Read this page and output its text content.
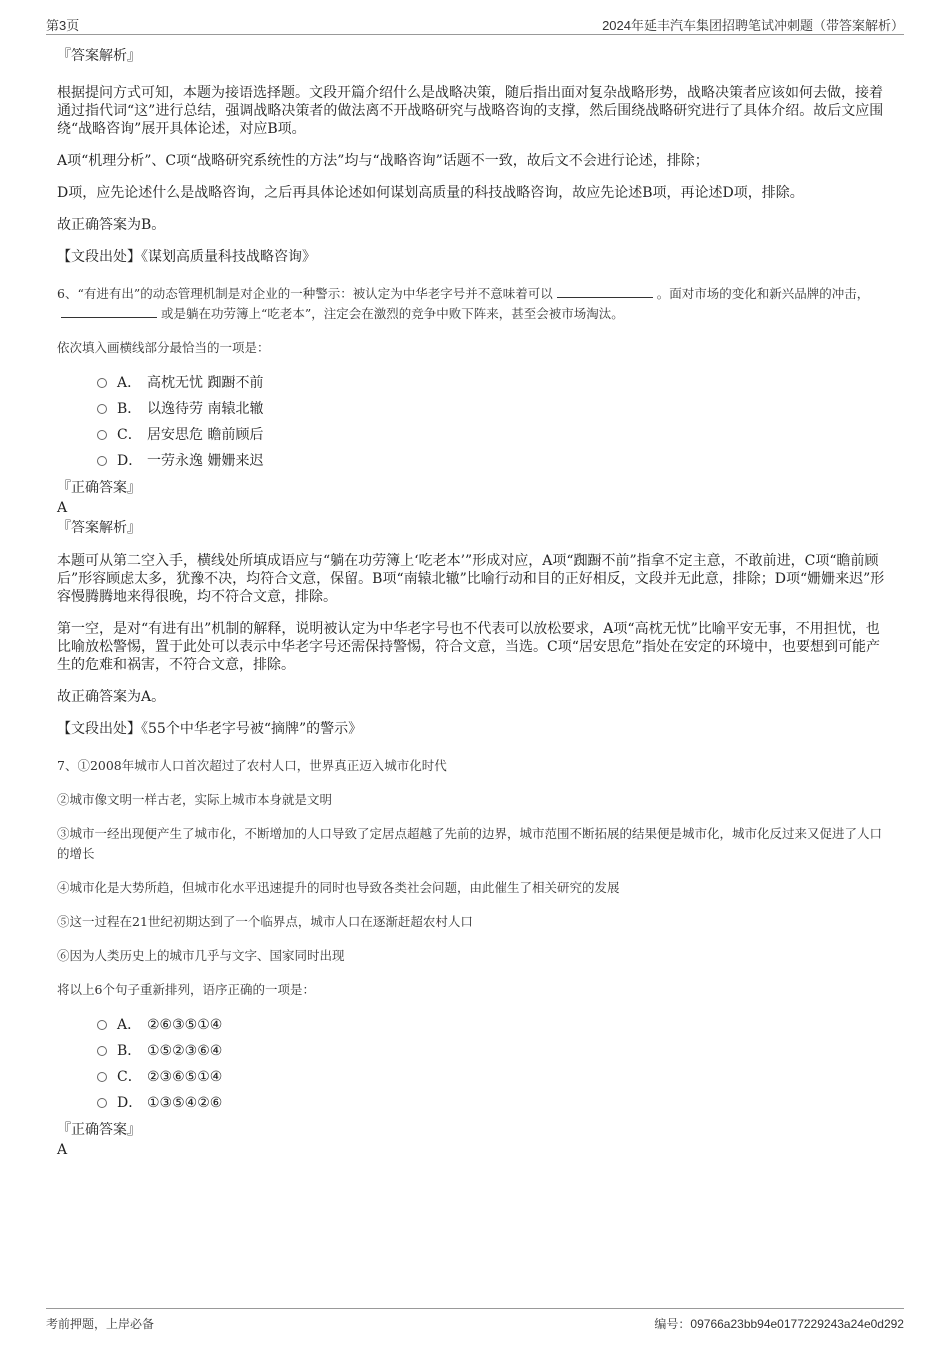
第3页	2024年延丰汽车集团招聘笔试冲刺题（带答案解析）

『答案解析』

根据提问方式可知，本题为接语选择题。文段开篇介绍什么是战略决策，随后指出面对复杂战略形势，战略决策者应该如何去做，接着通过指代词“这”进行总结，强调战略决策者的做法离不开战略研究与战略咨询的支撑，然后围绕战略研究进行了具体介绍。故后文应围绕“战略咨询”展开具体论述，对应B项。

A项“机理分析”、C项“战略研究系统性的方法”均与“战略咨询”话题不一致，故后文不会进行论述，排除；

D项，应先论述什么是战略咨询，之后再具体论述如何谋划高质量的科技战略咨询，故应先论述B项，再论述D项，排除。

故正确答案为B。

【文段出处】《谋划高质量科技战略咨询》

6、“有进有出”的动态管理机制是对企业的一种警示：被认定为中华老字号并不意味着可以	。面对市场的变化和新兴品牌的冲击，或是躺在功劳簿上“吃老本”，注定会在激烈的竞争中败下阵来，甚至会被市场淘汰。

依次填入画横线部分最恰当的一项是：

A． 高枕无忧 踟蹰不前
B． 以逸待劳 南辕北辙
C． 居安思危 瞻前顾后
D． 一劳永逸 姗姗来迟

『正确答案』

A

『答案解析』

本题可从第二空入手，横线处所填成语应与“躺在功劳簿上‘吃老本’”形成对应，A项“踟蹰不前”指拿不定主意，不敢前进，C项“瞻前顾后”形容顾虑太多，犹豫不决，均符合文意，保留。B项“南辕北辙”比喻行动和目的正好相反，文段并无此意，排除；D项“姗姗来迟”形容慢腾腾地来得很晚，均不符合文意，排除。

第一空，是对“有进有出”机制的解释，说明被认定为中华老字号也不代表可以放松要求，A项“高枕无忧”比喻平安无事，不用担忧，也比喻放松警惕，置于此处可以表示中华老字号还需保持警惕，符合文意，当选。C项“居安思危”指处在安定的环境中，也要想到可能产生的危难和祸害，不符合文意，排除。

故正确答案为A。

【文段出处】《55个中华老字号被“摘牌”的警示》

7、①2008年城市人口首次超过了农村人口，世界真正迈入城市化时代

②城市像文明一样古老，实际上城市本身就是文明

③城市一经出现便产生了城市化，不断增加的人口导致了定居点超越了先前的边界，城市范围不断拓展的结果便是城市化，城市化反过来又促进了人口的增长

④城市化是大势所趋，但城市化水平迅速提升的同时也导致各类社会问题，由此催生了相关研究的发展

⑤这一过程在21世纪初期达到了一个临界点，城市人口在逐渐赶超农村人口

⑥因为人类历史上的城市几乎与文字、国家同时出现

将以上6个句子重新排列，语序正确的一项是：

A． ②⑥③⑤①④
B． ①⑤②③⑥④
C． ②③⑥⑤①④
D． ①③⑤④②⑥

『正确答案』

A

考前押题，上岸必备	编号：09766a23bb94e0177229243a24e0d292
